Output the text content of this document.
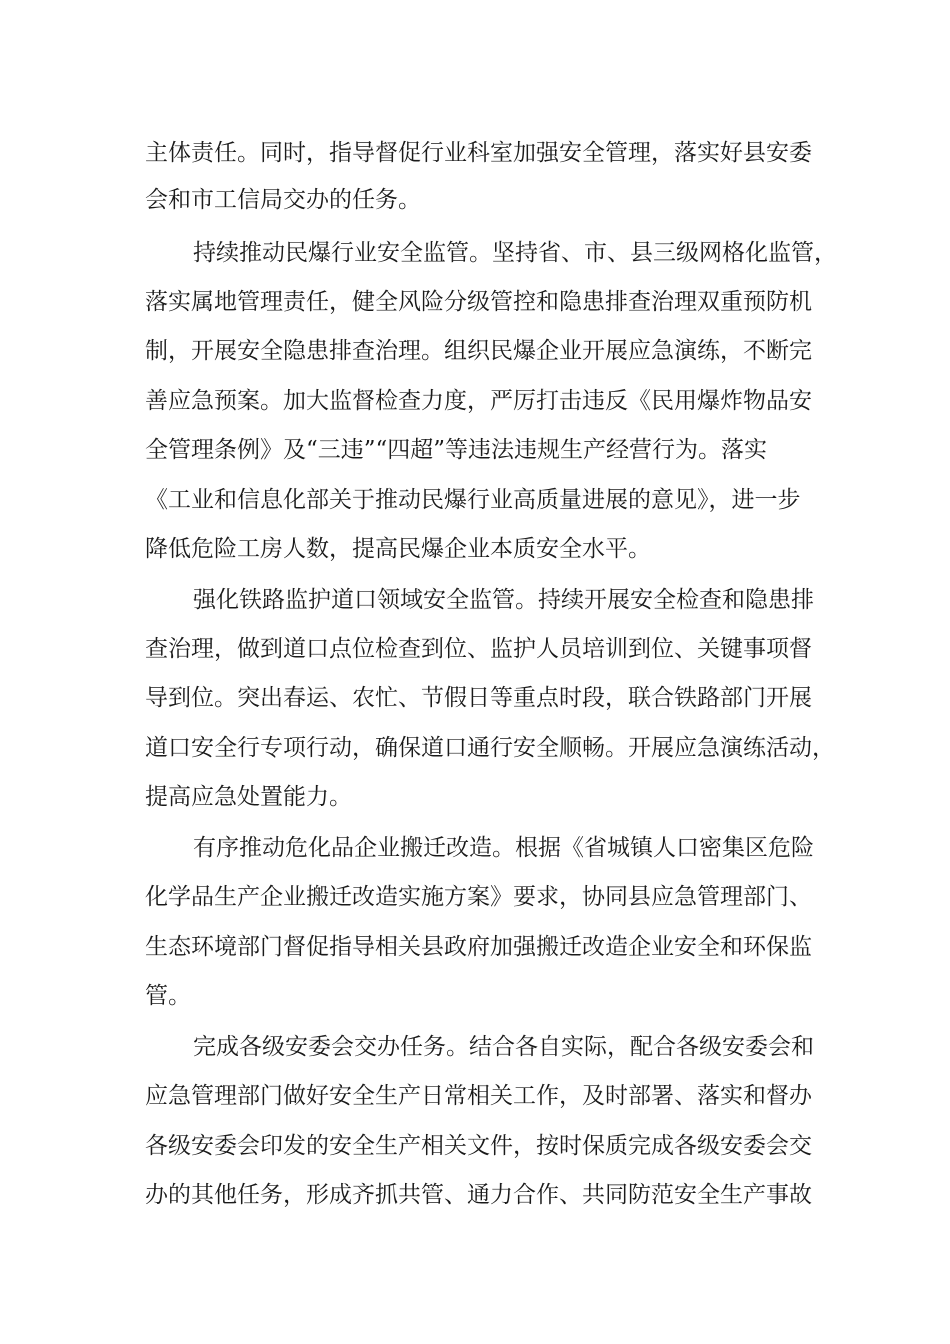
主体责任。同时，指导督促行业科室加强安全管理，落实好县安委
会和市工信局交办的任务。
持续推动民爆行业安全监管。坚持省、市、县三级网格化监管，
落实属地管理责任，健全风险分级管控和隐患排查治理双重预防机
制，开展安全隐患排查治理。组织民爆企业开展应急演练，不断完
善应急预案。加大监督检查力度，严厉打击违反《民用爆炸物品安
全管理条例》及“三违”“四超”等违法违规生产经营行为。落实
《工业和信息化部关于推动民爆行业高质量进展的意见》，进一步
降低危险工房人数，提高民爆企业本质安全水平。
强化铁路监护道口领域安全监管。持续开展安全检查和隐患排
查治理，做到道口点位检查到位、监护人员培训到位、关键事项督
导到位。突出春运、农忙、节假日等重点时段，联合铁路部门开展
道口安全行专项行动，确保道口通行安全顺畅。开展应急演练活动，
提高应急处置能力。
有序推动危化品企业搬迁改造。根据《省城镇人口密集区危险
化学品生产企业搬迁改造实施方案》要求，协同县应急管理部门、
生态环境部门督促指导相关县政府加强搬迁改造企业安全和环保监
管。
完成各级安委会交办任务。结合各自实际，配合各级安委会和
应急管理部门做好安全生产日常相关工作，及时部署、落实和督办
各级安委会印发的安全生产相关文件，按时保质完成各级安委会交
办的其他任务，形成齐抓共管、通力合作、共同防范安全生产事故
